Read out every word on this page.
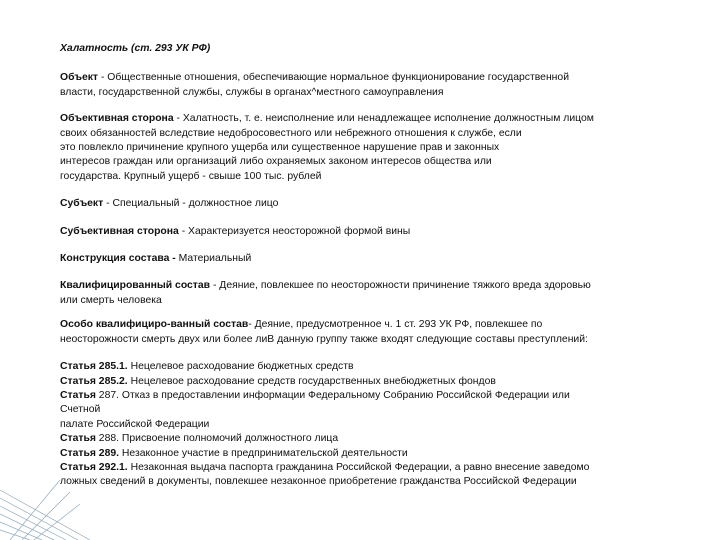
Халатность (ст. 293 УК РФ)

Объект - Общественные отношения, обеспечивающие нормальное функционирование государственной
власти, государственной службы, службы в органах^местного самоуправления

Объективная сторона - Халатность, т. е. неисполнение или ненадлежащее исполнение должностным лицом
своих обязанностей вследствие недобросовестного или небрежного отношения к службе, если
это повлекло причинение крупного ущерба или существенное нарушение прав и законных
интересов граждан или организаций либо охраняемых законом интересов общества или
государства. Крупный ущерб - свыше 100 тыс. рублей

Субъект - Специальный - должностное лицо

Субъективная сторона - Характеризуется неосторожной формой вины

Конструкция состава - Материальный

Квалифицированный состав - Деяние, повлекшее по неосторожности причинение тяжкого вреда здоровью
или смерть человека

Особо квалифициро-ванный состав- Деяние, предусмотренное ч. 1 ст. 293 УК РФ, повлекшее по
неосторожности смерть двух или более лиВ данную группу также входят следующие составы преступлений:

Статья 285.1. Нецелевое расходование бюджетных средств
Статья 285.2. Нецелевое расходование средств государственных внебюджетных фондов
Статья 287. Отказ в предоставлении информации Федеральному Собранию Российской Федерации или
Счетной
палате Российской Федерации
Статья 288. Присвоение полномочий должностного лица
Статья 289. Незаконное участие в предпринимательской деятельности
Статья 292.1. Незаконная выдача паспорта гражданина Российской Федерации, а равно внесение заведомо
ложных сведений в документы, повлекшее незаконное приобретение гражданства Российской Федерации
